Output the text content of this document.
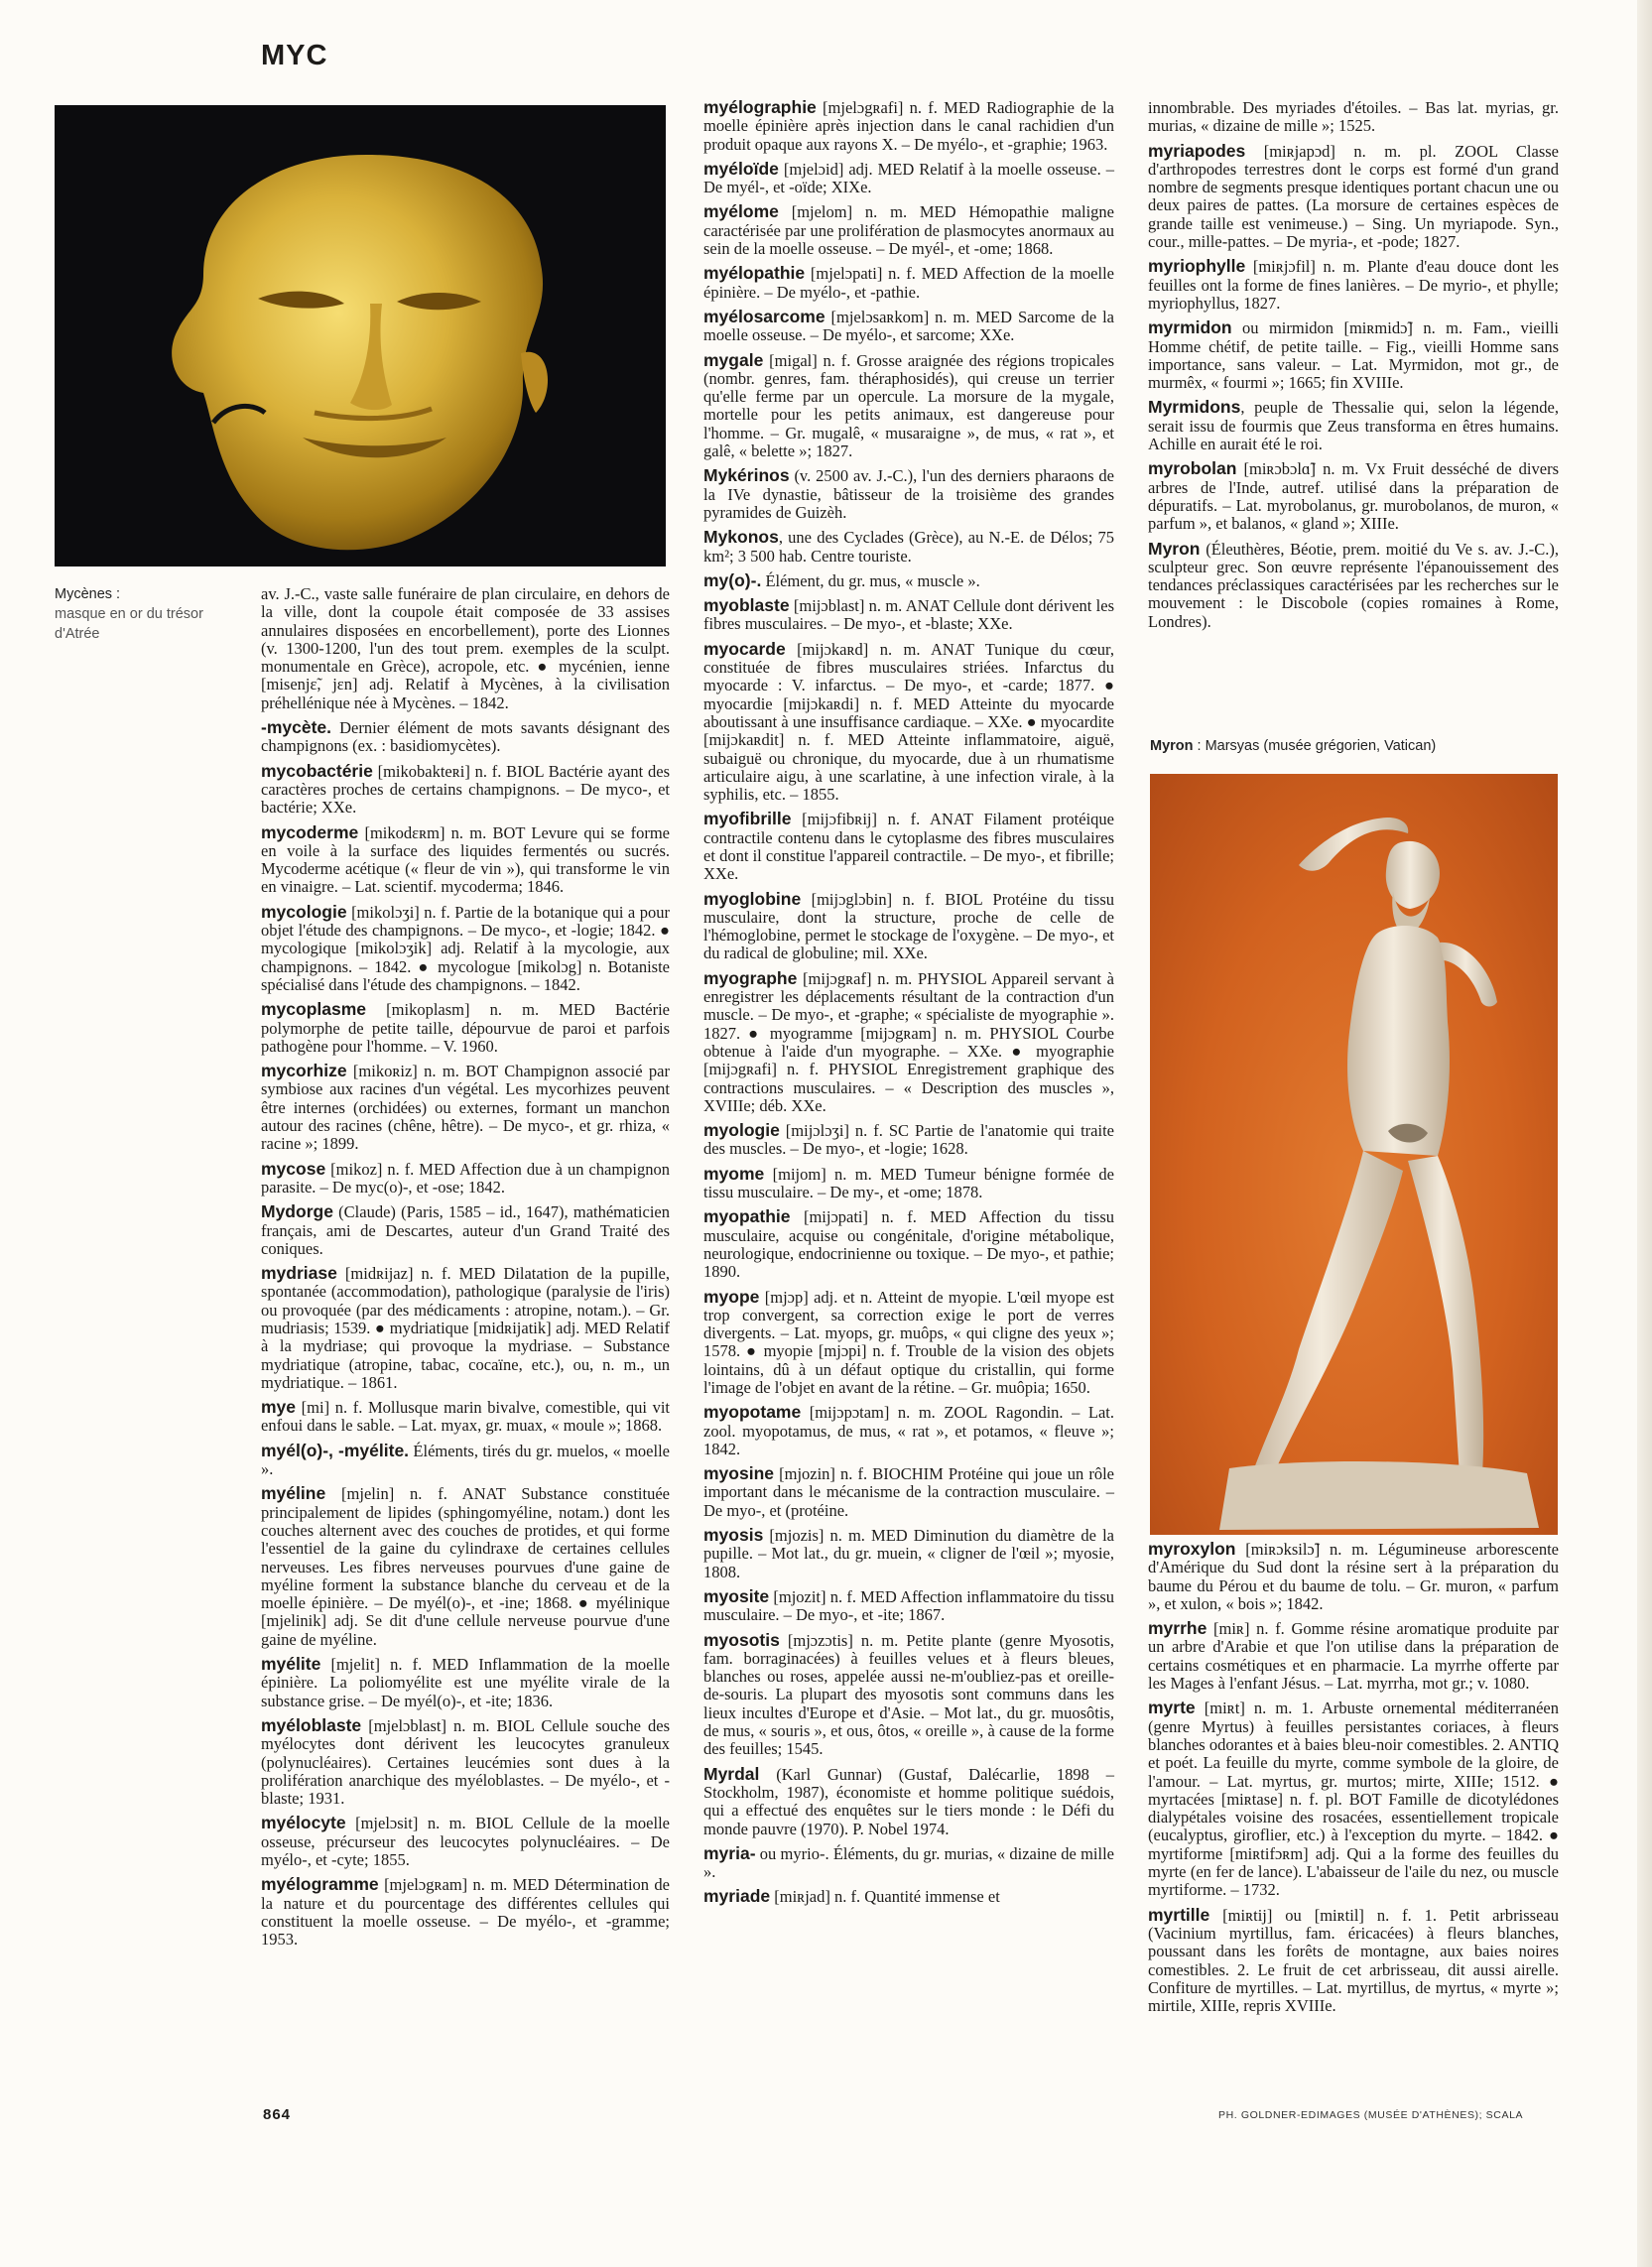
MYC
Mycènes :
masque en or du trésor d'Atrée

av. J.-C., vaste salle funéraire de plan circulaire, en dehors de la ville, dont la coupole était composée de 33 assises annulaires disposées en encorbellement), porte des Lionnes (v. 1300-1200, l'un des tout prem. exemples de la sculpt. monumentale en Grèce), acropole, etc. ● mycénien, ienne [misenjɛ̃, jɛn] adj. Relatif à Mycènes, à la civilisation préhellénique née à Mycènes. – 1842.

-mycète. Dernier élément de mots savants désignant des champignons (ex. : basidiomycètes).

mycobactérie [mikobakteʀi] n. f. BIOL Bactérie ayant des caractères proches de certains champignons. – De myco-, et bactérie; XXe.

mycoderme [mikodɛʀm] n. m. BOT Levure qui se forme en voile à la surface des liquides fermentés ou sucrés. Mycoderme acétique (« fleur de vin »), qui transforme le vin en vinaigre. – Lat. scientif. mycoderma; 1846.

mycologie [mikolɔʒi] n. f. Partie de la botanique qui a pour objet l'étude des champignons. – De myco-, et -logie; 1842. ● mycologique [mikolɔʒik] adj. Relatif à la mycologie, aux champignons. – 1842. ● mycologue [mikolɔg] n. Botaniste spécialisé dans l'étude des champignons. – 1842.

mycoplasme [mikoplasm] n. m. MED Bactérie polymorphe de petite taille, dépourvue de paroi et parfois pathogène pour l'homme. – V. 1960.

mycorhize [mikoʀiz] n. m. BOT Champignon associé par symbiose aux racines d'un végétal. Les mycorhizes peuvent être internes (orchidées) ou externes, formant un manchon autour des racines (chêne, hêtre). – De myco-, et gr. rhiza, « racine »; 1899.

mycose [mikoz] n. f. MED Affection due à un champignon parasite. – De myc(o)-, et -ose; 1842.

Mydorge (Claude) (Paris, 1585 – id., 1647), mathématicien français, ami de Descartes, auteur d'un Grand Traité des coniques.

mydriase [midʀijaz] n. f. MED Dilatation de la pupille, spontanée (accommodation), pathologique (paralysie de l'iris) ou provoquée (par des médicaments : atropine, notam.). – Gr. mudriasis; 1539. ● mydriatique [midʀijatik] adj. MED Relatif à la mydriase; qui provoque la mydriase. – Substance mydriatique (atropine, tabac, cocaïne, etc.), ou, n. m., un mydriatique. – 1861.

mye [mi] n. f. Mollusque marin bivalve, comestible, qui vit enfoui dans le sable. – Lat. myax, gr. muax, « moule »; 1868.

myél(o)-, -myélite. Éléments, tirés du gr. muelos, « moelle ».

myéline [mjelin] n. f. ANAT Substance constituée principalement de lipides (sphingomyéline, notam.) dont les couches alternent avec des couches de protides, et qui forme l'essentiel de la gaine du cylindraxe de certaines cellules nerveuses. Les fibres nerveuses pourvues d'une gaine de myéline forment la substance blanche du cerveau et de la moelle épinière. – De myél(o)-, et -ine; 1868. ● myélinique [mjelinik] adj. Se dit d'une cellule nerveuse pourvue d'une gaine de myéline.

myélite [mjelit] n. f. MED Inflammation de la moelle épinière. La poliomyélite est une myélite virale de la substance grise. – De myél(o)-, et -ite; 1836.

myéloblaste [mjelɔblast] n. m. BIOL Cellule souche des myélocytes dont dérivent les leucocytes granuleux (polynucléaires). Certaines leucémies sont dues à la prolifération anarchique des myéloblastes. – De myélo-, et -blaste; 1931.

myélocyte [mjelɔsit] n. m. BIOL Cellule de la moelle osseuse, précurseur des leucocytes polynucléaires. – De myélo-, et -cyte; 1855.

myélogramme [mjelɔgʀam] n. m. MED Détermination de la nature et du pourcentage des différentes cellules qui constituent la moelle osseuse. – De myélo-, et -gramme; 1953.

myélographie [mjelɔgʀafi] n. f. MED Radiographie de la moelle épinière après injection dans le canal rachidien d'un produit opaque aux rayons X. – De myélo-, et -graphie; 1963.

myéloïde [mjelɔid] adj. MED Relatif à la moelle osseuse. – De myél-, et -oïde; XIXe.

myélome [mjelom] n. m. MED Hémopathie maligne caractérisée par une prolifération de plasmocytes anormaux au sein de la moelle osseuse. – De myél-, et -ome; 1868.

myélopathie [mjelɔpati] n. f. MED Affection de la moelle épinière. – De myélo-, et -pathie.

myélosarcome [mjelɔsaʀkom] n. m. MED Sarcome de la moelle osseuse. – De myélo-, et sarcome; XXe.

mygale [migal] n. f. Grosse araignée des régions tropicales (nombr. genres, fam. théraphosidés), qui creuse un terrier qu'elle ferme par un opercule. La morsure de la mygale, mortelle pour les petits animaux, est dangereuse pour l'homme. – Gr. mugalê, « musaraigne », de mus, « rat », et galê, « belette »; 1827.

Mykérinos (v. 2500 av. J.-C.), l'un des derniers pharaons de la IVe dynastie, bâtisseur de la troisième des grandes pyramides de Guizèh.

Mykonos, une des Cyclades (Grèce), au N.-E. de Délos; 75 km²; 3 500 hab. Centre touriste.

my(o)-. Élément, du gr. mus, « muscle ».

myoblaste [mijɔblast] n. m. ANAT Cellule dont dérivent les fibres musculaires. – De myo-, et -blaste; XXe.

myocarde [mijɔkaʀd] n. m. ANAT Tunique du cœur, constituée de fibres musculaires striées. Infarctus du myocarde : V. infarctus. – De myo-, et -carde; 1877. ● myocardie [mijɔkaʀdi] n. f. MED Atteinte du myocarde aboutissant à une insuffisance cardiaque. – XXe. ● myocardite [mijɔkaʀdit] n. f. MED Atteinte inflammatoire, aiguë, subaiguë ou chronique, du myocarde, due à un rhumatisme articulaire aigu, à une scarlatine, à une infection virale, à la syphilis, etc. – 1855.

myofibrille [mijɔfibʀij] n. f. ANAT Filament protéique contractile contenu dans le cytoplasme des fibres musculaires et dont il constitue l'appareil contractile. – De myo-, et fibrille; XXe.

myoglobine [mijɔglɔbin] n. f. BIOL Protéine du tissu musculaire, dont la structure, proche de celle de l'hémoglobine, permet le stockage de l'oxygène. – De myo-, et du radical de globuline; mil. XXe.

myographe [mijɔgʀaf] n. m. PHYSIOL Appareil servant à enregistrer les déplacements résultant de la contraction d'un muscle. – De myo-, et -graphe; « spécialiste de myographie ». 1827. ● myogramme [mijɔgʀam] n. m. PHYSIOL Courbe obtenue à l'aide d'un myographe. – XXe. ● myographie [mijɔgʀafi] n. f. PHYSIOL Enregistrement graphique des contractions musculaires. – « Description des muscles », XVIIIe; déb. XXe.

myologie [mijɔlɔʒi] n. f. SC Partie de l'anatomie qui traite des muscles. – De myo-, et -logie; 1628.

myome [mijom] n. m. MED Tumeur bénigne formée de tissu musculaire. – De my-, et -ome; 1878.

myopathie [mijɔpati] n. f. MED Affection du tissu musculaire, acquise ou congénitale, d'origine métabolique, neurologique, endocrinienne ou toxique. – De myo-, et pathie; 1890.

myope [mjɔp] adj. et n. Atteint de myopie. L'œil myope est trop convergent, sa correction exige le port de verres divergents. – Lat. myops, gr. muôps, « qui cligne des yeux »; 1578. ● myopie [mjɔpi] n. f. Trouble de la vision des objets lointains, dû à un défaut optique du cristallin, qui forme l'image de l'objet en avant de la rétine. – Gr. muôpia; 1650.

myopotame [mijɔpɔtam] n. m. ZOOL Ragondin. – Lat. zool. myopotamus, de mus, « rat », et potamos, « fleuve »; 1842.

myosine [mjozin] n. f. BIOCHIM Protéine qui joue un rôle important dans le mécanisme de la contraction musculaire. – De myo-, et (protéine.

myosis [mjozis] n. m. MED Diminution du diamètre de la pupille. – Mot lat., du gr. muein, « cligner de l'œil »; myosie, 1808.

myosite [mjozit] n. f. MED Affection inflammatoire du tissu musculaire. – De myo-, et -ite; 1867.

myosotis [mjɔzɔtis] n. m. Petite plante (genre Myosotis, fam. borraginacées) à feuilles velues et à fleurs bleues, blanches ou roses, appelée aussi ne-m'oubliez-pas et oreille-de-souris. La plupart des myosotis sont communs dans les lieux incultes d'Europe et d'Asie. – Mot lat., du gr. muosôtis, de mus, « souris », et ous, ôtos, « oreille », à cause de la forme des feuilles; 1545.

Myrdal (Karl Gunnar) (Gustaf, Dalécarlie, 1898 – Stockholm, 1987), économiste et homme politique suédois, qui a effectué des enquêtes sur le tiers monde : le Défi du monde pauvre (1970). P. Nobel 1974.

myria- ou myrio-. Éléments, du gr. murias, « dizaine de mille ».

myriade [miʀjad] n. f. Quantité immense et

innombrable. Des myriades d'étoiles. – Bas lat. myrias, gr. murias, « dizaine de mille »; 1525.

myriapodes [miʀjapɔd] n. m. pl. ZOOL Classe d'arthropodes terrestres dont le corps est formé d'un grand nombre de segments presque identiques portant chacun une ou deux paires de pattes. (La morsure de certaines espèces de grande taille est venimeuse.) – Sing. Un myriapode. Syn., cour., mille-pattes. – De myria-, et -pode; 1827.

myriophylle [miʀjɔfil] n. m. Plante d'eau douce dont les feuilles ont la forme de fines lanières. – De myrio-, et phylle; myriophyllus, 1827.

myrmidon ou mirmidon [miʀmidɔ̃] n. m. Fam., vieilli Homme chétif, de petite taille. – Fig., vieilli Homme sans importance, sans valeur. – Lat. Myrmidon, mot gr., de murmêx, « fourmi »; 1665; fin XVIIIe.

Myrmidons, peuple de Thessalie qui, selon la légende, serait issu de fourmis que Zeus transforma en êtres humains. Achille en aurait été le roi.

myrobolan [miʀɔbɔlɑ̃] n. m. Vx Fruit desséché de divers arbres de l'Inde, autref. utilisé dans la préparation de dépuratifs. – Lat. myrobolanus, gr. murobolanos, de muron, « parfum », et balanos, « gland »; XIIIe.

Myron (Éleuthères, Béotie, prem. moitié du Ve s. av. J.-C.), sculpteur grec. Son œuvre représente l'épanouissement des tendances préclassiques caractérisées par les recherches sur le mouvement : le Discobole (copies romaines à Rome, Londres).

Myron : Marsyas (musée grégorien, Vatican)

myroxylon [miʀɔksilɔ̃] n. m. Légumineuse arborescente d'Amérique du Sud dont la résine sert à la préparation du baume du Pérou et du baume de tolu. – Gr. muron, « parfum », et xulon, « bois »; 1842.

myrrhe [miʀ] n. f. Gomme résine aromatique produite par un arbre d'Arabie et que l'on utilise dans la préparation de certains cosmétiques et en pharmacie. La myrrhe offerte par les Mages à l'enfant Jésus. – Lat. myrrha, mot gr.; v. 1080.

myrte [miʀt] n. m. 1. Arbuste ornemental méditerranéen (genre Myrtus) à feuilles persistantes coriaces, à fleurs blanches odorantes et à baies bleu-noir comestibles. 2. ANTIQ et poét. La feuille du myrte, comme symbole de la gloire, de l'amour. – Lat. myrtus, gr. murtos; mirte, XIIIe; 1512. ● myrtacées [miʀtase] n. f. pl. BOT Famille de dicotylédones dialypétales voisine des rosacées, essentiellement tropicale (eucalyptus, giroflier, etc.) à l'exception du myrte. – 1842. ● myrtiforme [miʀtifɔʀm] adj. Qui a la forme des feuilles du myrte (en fer de lance). L'abaisseur de l'aile du nez, ou muscle myrtiforme. – 1732.

myrtille [miʀtij] ou [miʀtil] n. f. 1. Petit arbrisseau (Vacinium myrtillus, fam. éricacées) à fleurs blanches, poussant dans les forêts de montagne, aux baies noires comestibles. 2. Le fruit de cet arbrisseau, dit aussi airelle. Confiture de myrtilles. – Lat. myrtillus, de myrtus, « myrte »; mirtile, XIIIe, repris XVIIIe.

864	PH. GOLDNER-EDIMAGES (MUSÉE D'ATHÈNES); SCALA
